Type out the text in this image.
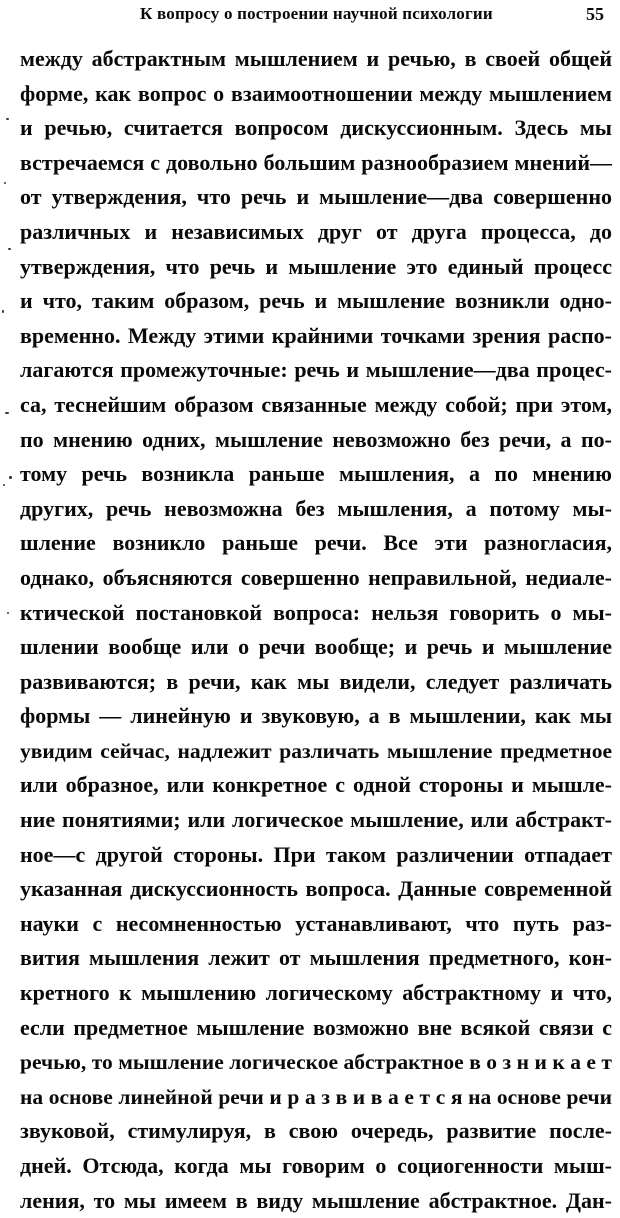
К вопросу о построении научной психологии	55
между абстрактным мышлением и речью, в своей общей
форме, как вопрос о взаимоотношении между мышлением
и речью, считается вопросом дискуссионным. Здесь мы
встречаемся с довольно большим разнообразием мнений—
от утверждения, что речь и мышление—два совершенно
различных и независимых друг от друга процесса, до
утверждения, что речь и мышление это единый процесс
и что, таким образом, речь и мышление возникли одно-
временно. Между этими крайними точками зрения распо-
лагаются промежуточные: речь и мышление—два процес-
са, теснейшим образом связанные между собой; при этом,
по мнению одних, мышление невозможно без речи, а по-
тому речь возникла раньше мышления, а по мнению
других, речь невозможна без мышления, а потому мы-
шление возникло раньше речи. Все эти разногласия,
однако, объясняются совершенно неправильной, недиале-
ктической постановкой вопроса: нельзя говорить о мы-
шлении вообще или о речи вообще; и речь и мышление
развиваются; в речи, как мы видели, следует различать
формы — линейную и звуковую, а в мышлении, как мы
увидим сейчас, надлежит различать мышление предметное
или образное, или конкретное с одной стороны и мышле-
ние понятиями; или логическое мышление, или абстракт-
ное—с другой стороны. При таком различении отпадает
указанная дискуссионность вопроса. Данные современной
науки с несомненностью устанавливают, что путь раз-
вития мышления лежит от мышления предметного, кон-
кретного к мышлению логическому абстрактному и что,
если предметное мышление возможно вне всякой связи с
речью, то мышление логическое абстрактное в о з н и к а е т
на основе линейной речи и р а з в и в а е т с я на основе речи
звуковой, стимулируя, в свою очередь, развитие после-
дней. Отсюда, когда мы говорим о социогенности мыш-
ления, то мы имеем в виду мышление абстрактное. Дан-
